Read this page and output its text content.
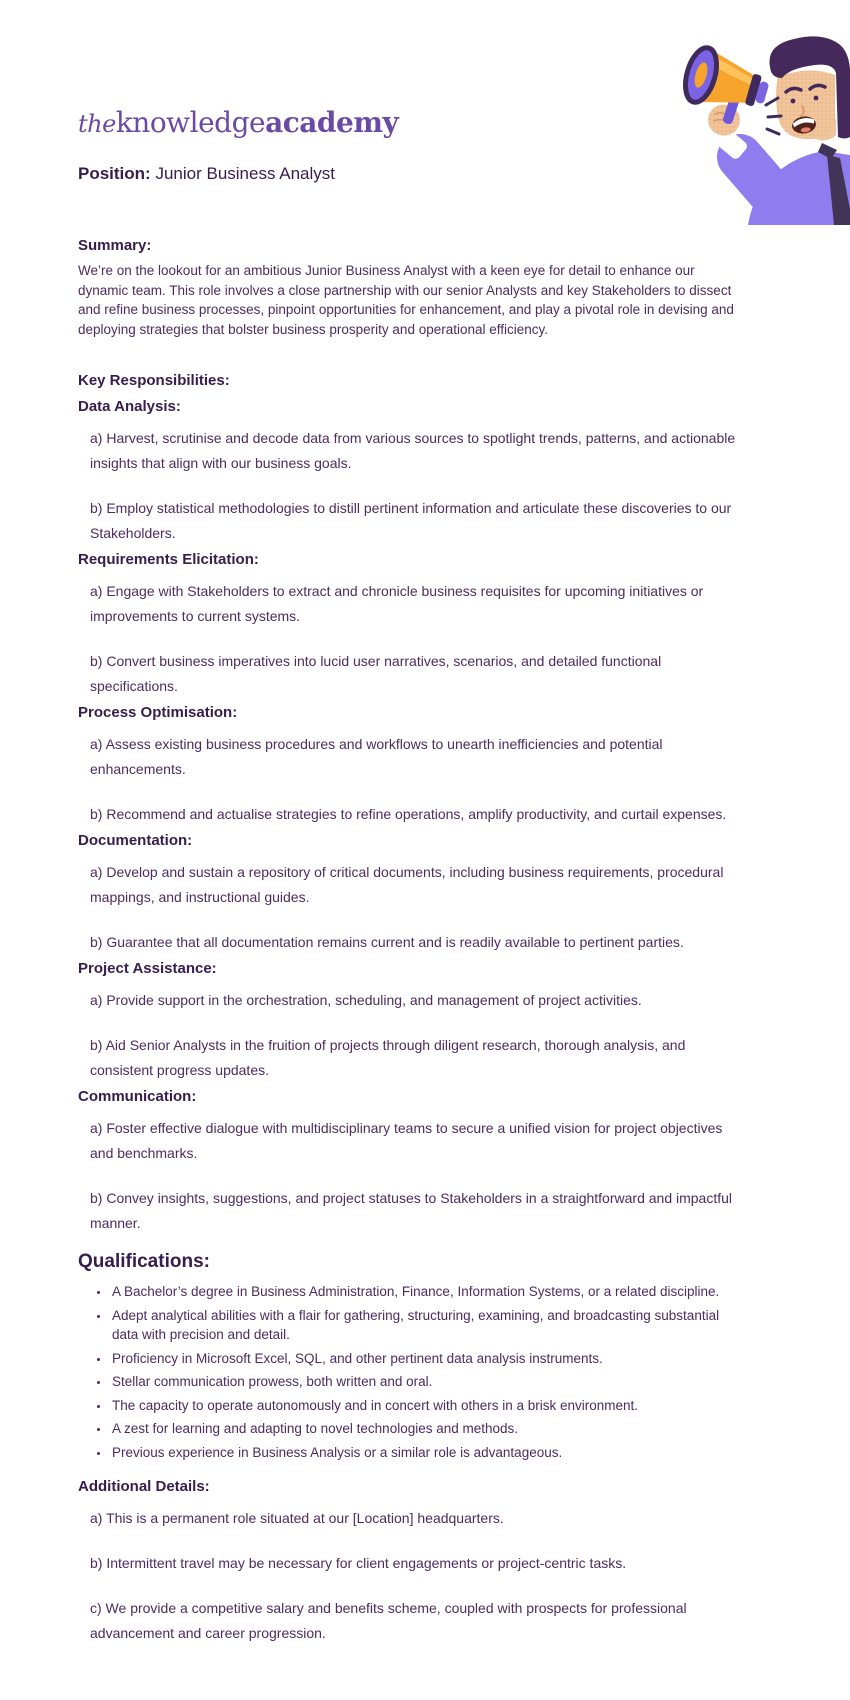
theknowledgeacademy
Position: Junior Business Analyst
Summary:

We’re on the lookout for an ambitious Junior Business Analyst with a keen eye for detail to enhance our dynamic team. This role involves a close partnership with our senior Analysts and key Stakeholders to dissect and refine business processes, pinpoint opportunities for enhancement, and play a pivotal role in devising and deploying strategies that bolster business prosperity and operational efficiency.

Key Responsibilities:
Data Analysis:

a) Harvest, scrutinise and decode data from various sources to spotlight trends, patterns, and actionable insights that align with our business goals.

b) Employ statistical methodologies to distill pertinent information and articulate these discoveries to our Stakeholders.

Requirements Elicitation:

a) Engage with Stakeholders to extract and chronicle business requisites for upcoming initiatives or improvements to current systems.

b) Convert business imperatives into lucid user narratives, scenarios, and detailed functional specifications.

Process Optimisation:

a) Assess existing business procedures and workflows to unearth inefficiencies and potential enhancements.

b) Recommend and actualise strategies to refine operations, amplify productivity, and curtail expenses.

Documentation:

a) Develop and sustain a repository of critical documents, including business requirements, procedural mappings, and instructional guides.

b) Guarantee that all documentation remains current and is readily available to pertinent parties.

Project Assistance:

a) Provide support in the orchestration, scheduling, and management of project activities.

b) Aid Senior Analysts in the fruition of projects through diligent research, thorough analysis, and consistent progress updates.

Communication:

a) Foster effective dialogue with multidisciplinary teams to secure a unified vision for project objectives and benchmarks.

b) Convey insights, suggestions, and project statuses to Stakeholders in a straightforward and impactful manner.

Qualifications:
• A Bachelor’s degree in Business Administration, Finance, Information Systems, or a related discipline.
• Adept analytical abilities with a flair for gathering, structuring, examining, and broadcasting substantial data with precision and detail.
• Proficiency in Microsoft Excel, SQL, and other pertinent data analysis instruments.
• Stellar communication prowess, both written and oral.
• The capacity to operate autonomously and in concert with others in a brisk environment.
• A zest for learning and adapting to novel technologies and methods.
• Previous experience in Business Analysis or a similar role is advantageous.
Additional Details:

a) This is a permanent role situated at our [Location] headquarters.

b) Intermittent travel may be necessary for client engagements or project-centric tasks.

c) We provide a competitive salary and benefits scheme, coupled with prospects for professional advancement and career progression.
